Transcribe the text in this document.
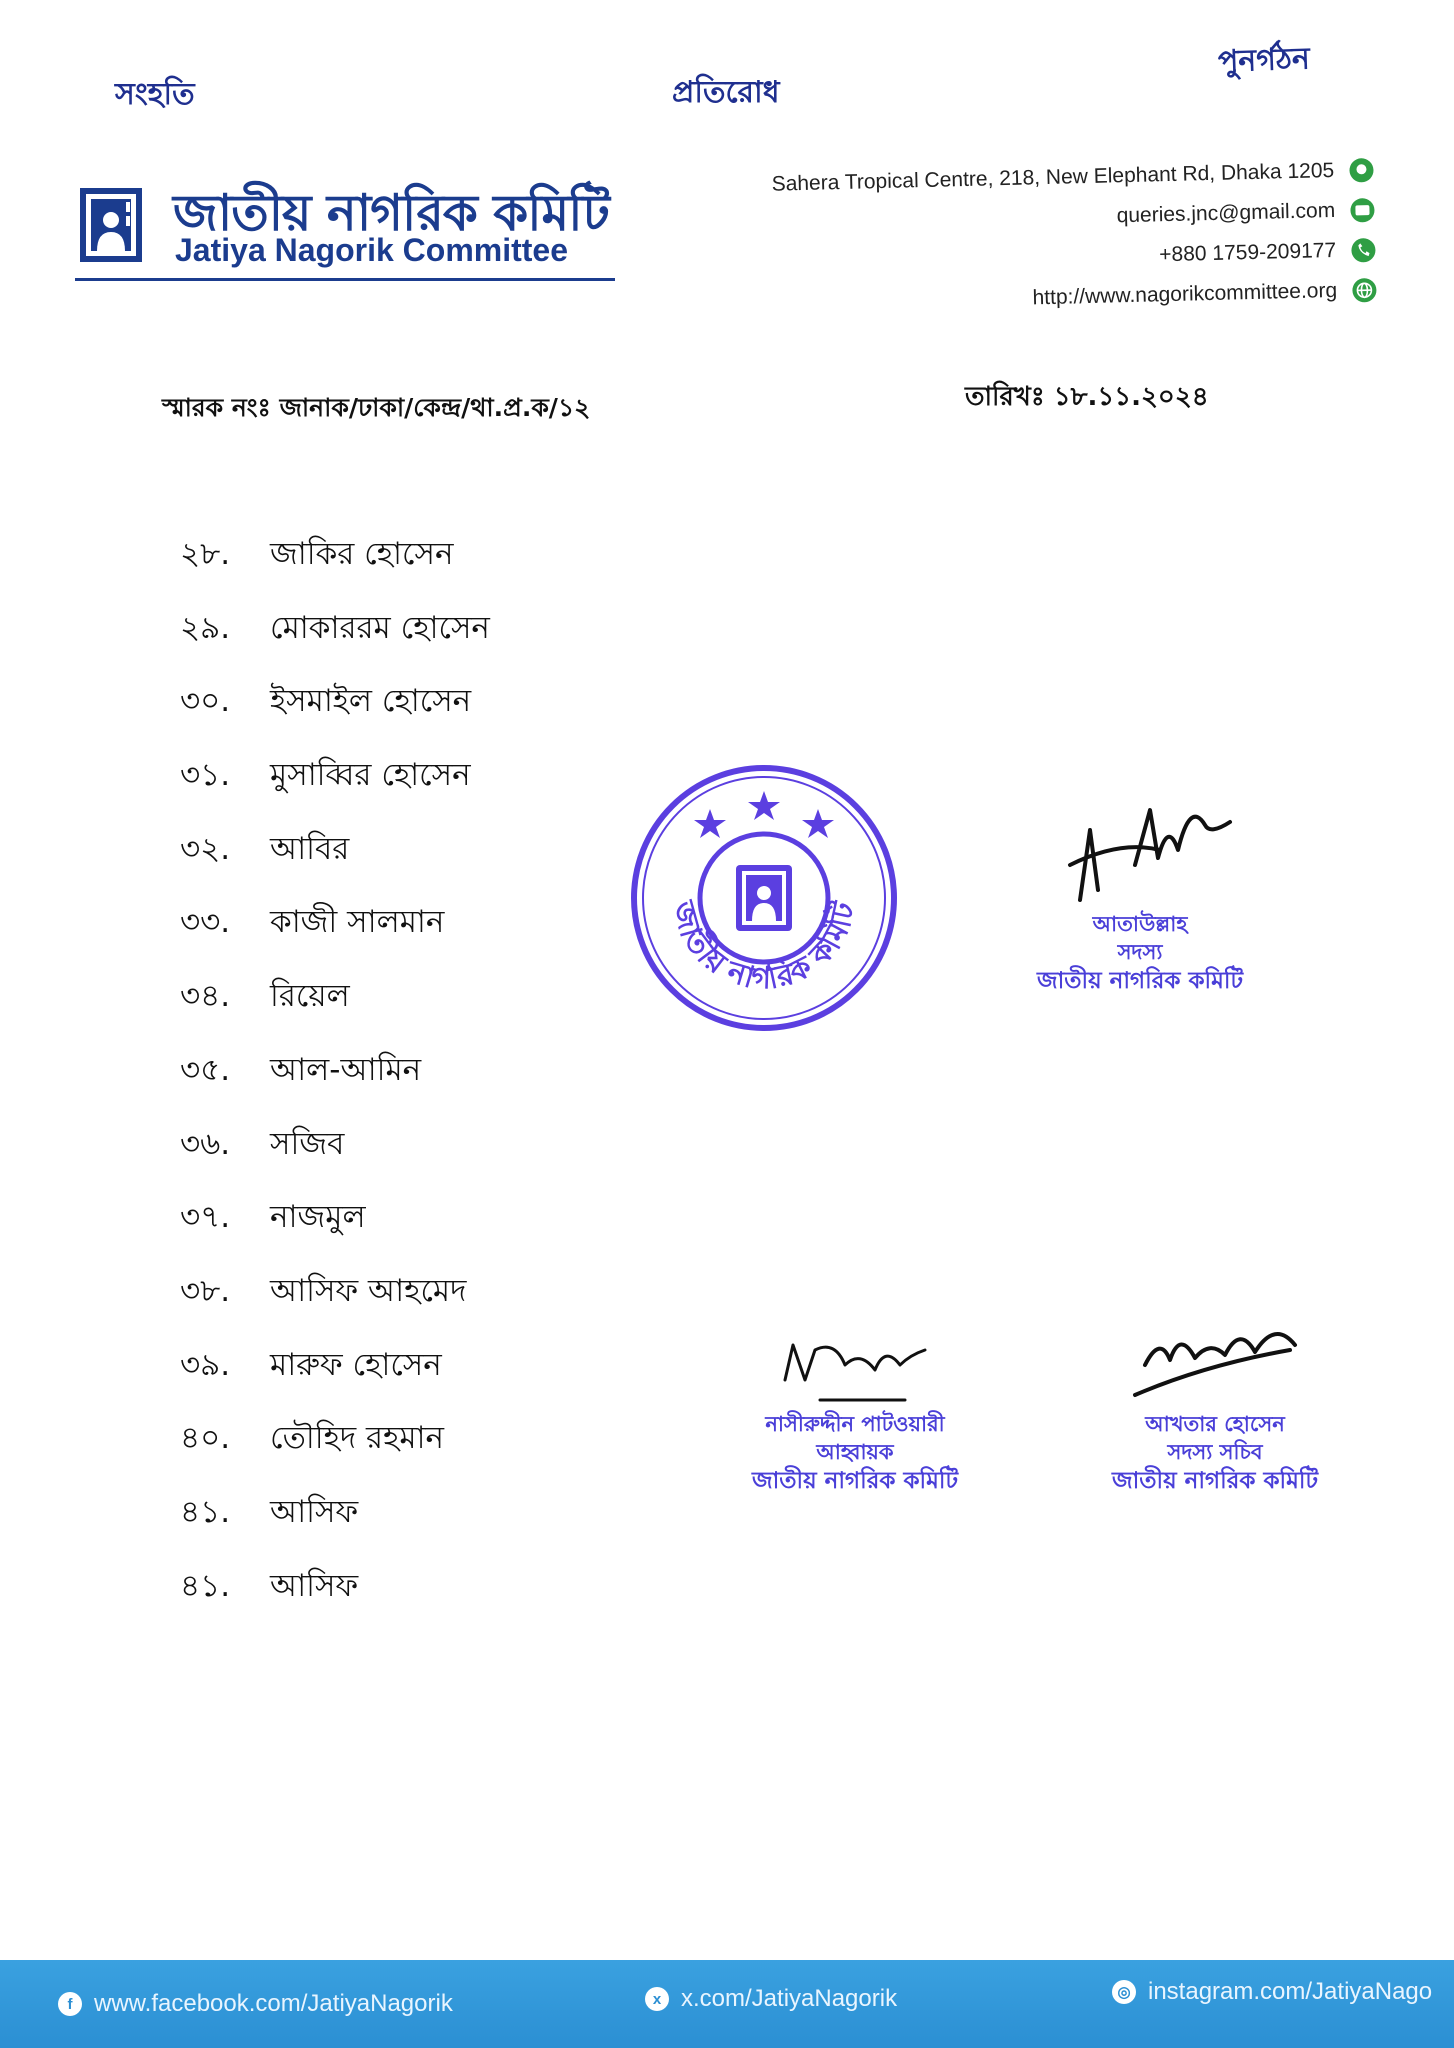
সংহতি	প্রতিরোধ
পুনর্গঠন
জাতীয় নাগরিক কমিটি
Jatiya Nagorik Committee
Sahera Tropical Centre, 218, New Elephant Rd, Dhaka 1205
queries.jnc@gmail.com
+880 1759-209177
http://www.nagorikcommittee.org
স্মারক নংঃ জানাক/ঢাকা/কেন্দ্র/থা.প্র.ক/১২	তারিখঃ ১৮.১১.২০২৪
২৮.	জাকির হোসেন
২৯.	মোকাররম হোসেন
৩০.	ইসমাইল হোসেন
৩১.	মুসাব্বির হোসেন
৩২.	আবির
৩৩.	কাজী সালমান
৩৪.	রিয়েল
৩৫.	আল-আমিন
৩৬.	সজিব
৩৭.	নাজমুল
৩৮.	আসিফ আহমেদ
৩৯.	মারুফ হোসেন
৪০.	তৌহিদ রহমান
৪১.	আসিফ
৪১.	আসিফ
জাতীয় নাগরিক কমিটি	আতাউল্লাহ
সদস্য
জাতীয় নাগরিক কমিটি
নাসীরুদ্দীন পাটওয়ারী
আহ্বায়ক
জাতীয় নাগরিক কমিটি
আখতার হোসেন
সদস্য সচিব
জাতীয় নাগরিক কমিটি
f www.facebook.com/JatiyaNagorik	x x.com/JatiyaNagorik	◎ instagram.com/JatiyaNago
